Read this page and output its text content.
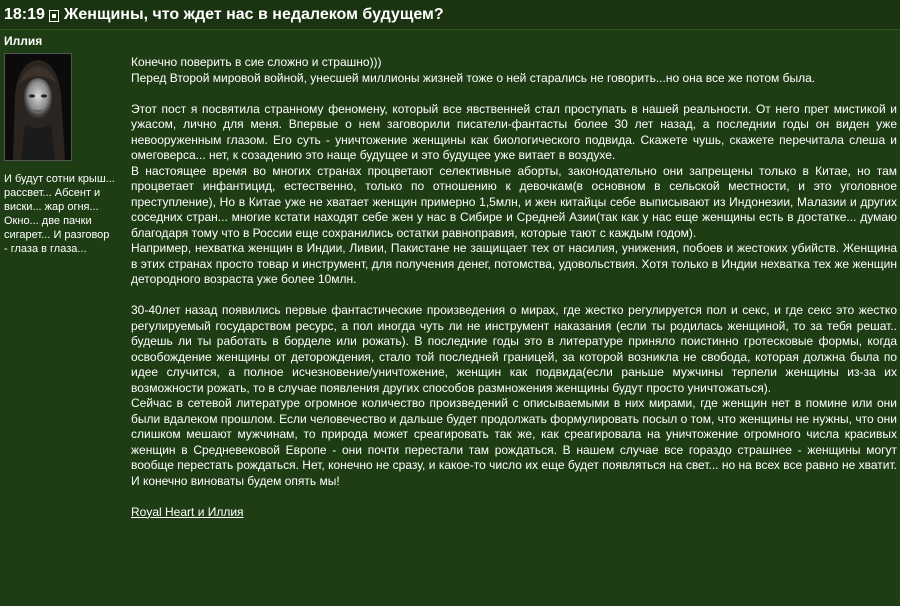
18:19 Женщины, что ждет нас в недалеком будущем?
Иллия
И будут сотни крыш... рассвет... Абсент и виски... жар огня... Окно... две пачки сигарет... И разговор - глаза в глаза...

Конечно поверить в сие сложно и страшно)))

Перед Второй мировой войной, унесшей миллионы жизней тоже о ней старались не говорить...но она все же потом была.

Этот пост я посвятила странному феномену, который все явственней стал проступать в нашей реальности. От него прет мистикой и ужасом, лично для меня. Впервые о нем заговорили писатели-фантасты более 30 лет назад, а последнии годы он виден уже невооруженным глазом. Его суть - уничтожение женщины как биологического подвида. Скажете чушь, скажете перечитала слеша и омеговерса... нет, к созадению это наще будущее и это будущее уже витает в воздухе.

В настоящее время во многих странах процветают селективные аборты, законодательно они запрещены только в Китае, но там процветает инфантицид, естественно, только по отношению к девочкам(в основном в сельской местности, и это уголовное преступление), Но в Китае уже не хватает женщин примерно 1,5млн, и жен китайцы себе выписывают из Индонезии, Малазии и других соседних стран... многие кстати находят себе жен у нас в Сибире и Средней Азии(так как у нас еще женщины есть в достатке... думаю благодаря тому что в России еще сохранились остатки равноправия, которые тают с каждым годом).

Например, нехватка женщин в Индии, Ливии, Пакистане не защищает тех от насилия, унижения, побоев и жестоких убийств. Женщина в этих странах просто товар и инструмент, для получения денег, потомства, удовольствия. Хотя только в Индии нехватка тех же женщин детородного возраста уже более 10млн.

30-40лет назад появились первые фантастические произведения о мирах, где жестко регулируется пол и секс, и где секс это жестко регулируемый государством ресурс, а пол иногда чуть ли не инструмент наказания (если ты родилась женщиной, то за тебя решат.. будешь ли ты работать в борделе или рожать). В последние годы это в литературе приняло поистинно гротесковые формы, когда освобождение женщины от деторождения, стало той последней границей, за которой возникла не свобода, которая должна была по идее случится, а полное исчезновение/уничтожение, женщин как подвида(если раньше мужчины терпели женщины из-за их возможности рожать, то в случае появления других способов размножения женщины будут просто уничтожаться).

Сейчас в сетевой литературе огромное количество произведений с описываемыми в них мирами, где женщин нет в помине или они были вдалеком прошлом. Если человечество и дальше будет продолжать формулировать посыл о том, что женщины не нужны, что они слишком мешают мужчинам, то природа может среагировать так же, как среагировала на уничтожение огромного числа красивых женщин в Средневековой Европе - они почти перестали там рождаться. В нашем случае все гораздо страшнее - женщины могут вообще перестать рождаться. Нет, конечно не сразу, и какое-то число их еще будет появляться на свет... но на всех все равно не хватит. И конечно виноваты будем опять мы!

Royal Heart и Иллия
